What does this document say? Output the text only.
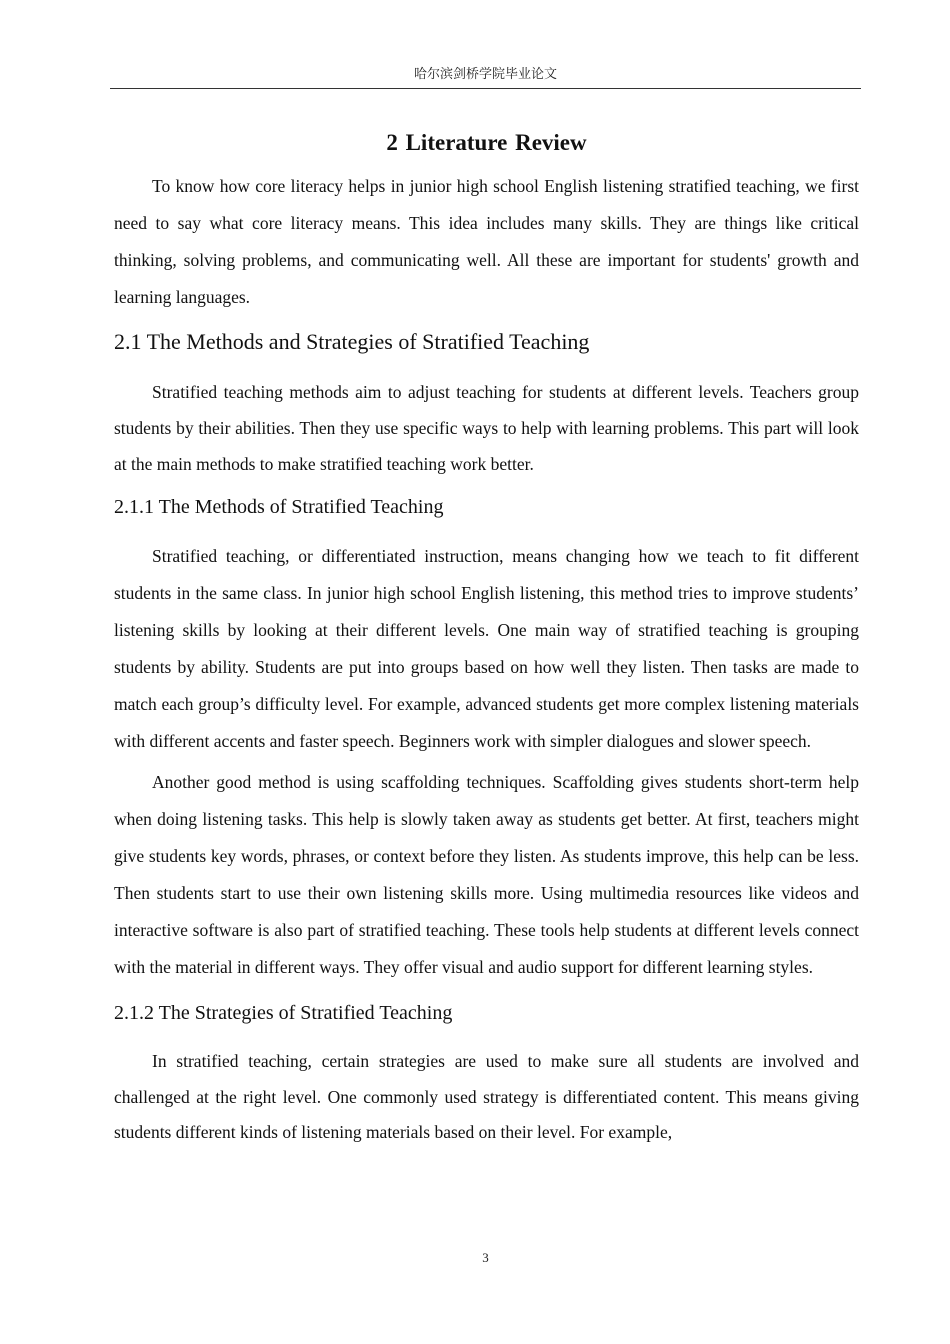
哈尔滨剑桥学院毕业论文
2 Literature Review

To know how core literacy helps in junior high school English listening stratified teaching, we first need to say what core literacy means. This idea includes many skills. They are things like critical thinking, solving problems, and communicating well. All these are important for students' growth and learning languages.

2.1 The Methods and Strategies of Stratified Teaching

Stratified teaching methods aim to adjust teaching for students at different levels. Teachers group students by their abilities. Then they use specific ways to help with learning problems. This part will look at the main methods to make stratified teaching work better.

2.1.1 The Methods of Stratified Teaching

Stratified teaching, or differentiated instruction, means changing how we teach to fit different students in the same class. In junior high school English listening, this method tries to improve students’ listening skills by looking at their different levels. One main way of stratified teaching is grouping students by ability. Students are put into groups based on how well they listen. Then tasks are made to match each group’s difficulty level. For example, advanced students get more complex listening materials with different accents and faster speech. Beginners work with simpler dialogues and slower speech.

Another good method is using scaffolding techniques. Scaffolding gives students short-term help when doing listening tasks. This help is slowly taken away as students get better. At first, teachers might give students key words, phrases, or context before they listen. As students improve, this help can be less. Then students start to use their own listening skills more. Using multimedia resources like videos and interactive software is also part of stratified teaching. These tools help students at different levels connect with the material in different ways. They offer visual and audio support for different learning styles.

2.1.2 The Strategies of Stratified Teaching

In stratified teaching, certain strategies are used to make sure all students are involved and challenged at the right level. One commonly used strategy is differentiated content. This means giving students different kinds of listening materials based on their level. For example,

3
